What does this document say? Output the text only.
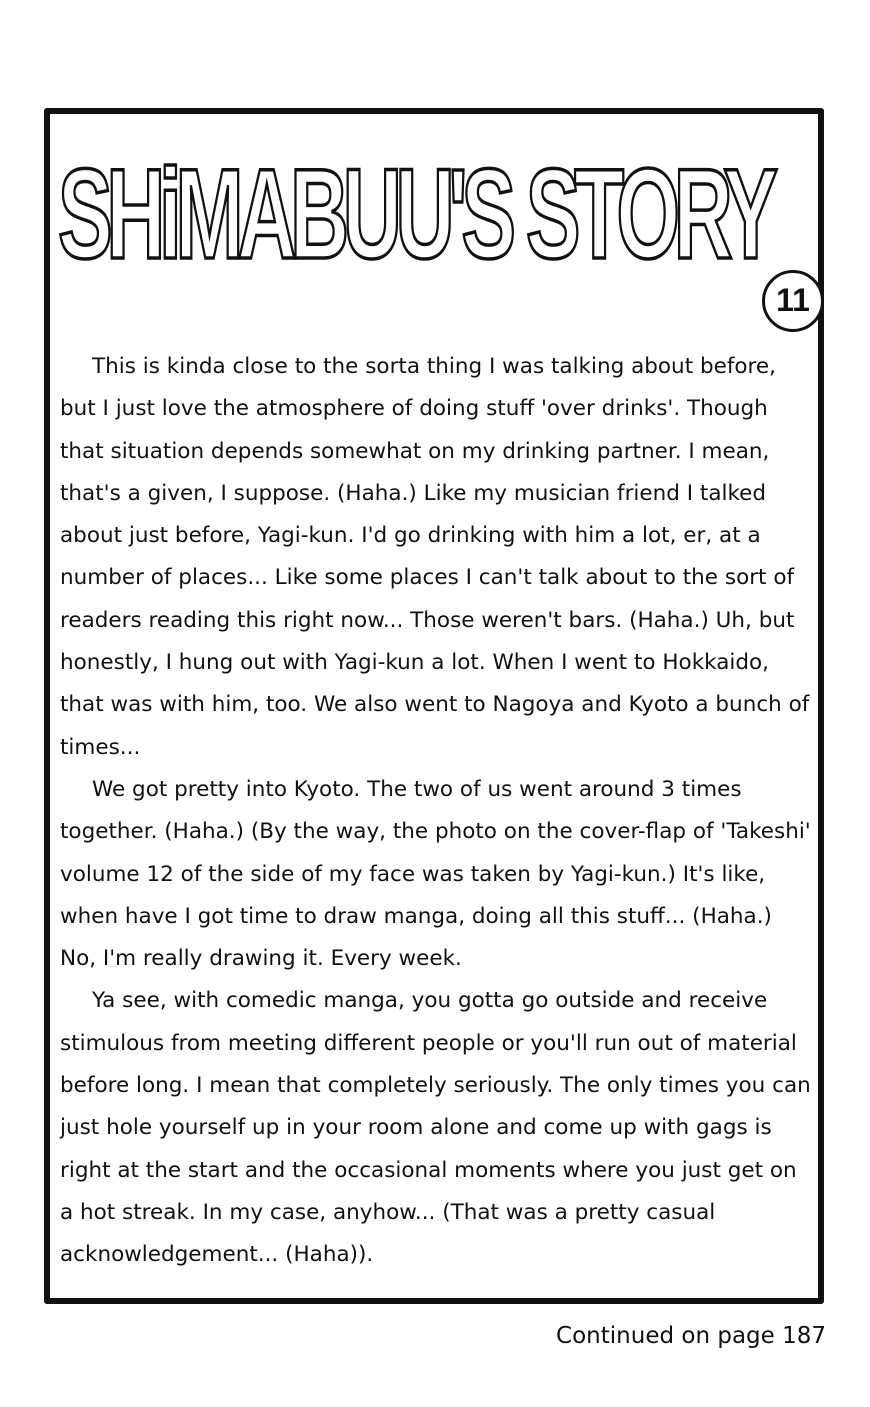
SHiMABUU'S STORY
11

This is kinda close to the sorta thing I was talking about before, but I just love the atmosphere of doing stuff 'over drinks'. Though that situation depends somewhat on my drinking partner. I mean, that's a given, I suppose. (Haha.) Like my musician friend I talked about just before, Yagi-kun. I'd go drinking with him a lot, er, at a number of places... Like some places I can't talk about to the sort of readers reading this right now... Those weren't bars. (Haha.) Uh, but honestly, I hung out with Yagi-kun a lot. When I went to Hokkaido, that was with him, too. We also went to Nagoya and Kyoto a bunch of times...

We got pretty into Kyoto. The two of us went around 3 times together. (Haha.) (By the way, the photo on the cover-flap of 'Takeshi' volume 12 of the side of my face was taken by Yagi-kun.) It's like, when have I got time to draw manga, doing all this stuff... (Haha.) No, I'm really drawing it. Every week.

Ya see, with comedic manga, you gotta go outside and receive stimulous from meeting different people or you'll run out of material before long. I mean that completely seriously. The only times you can just hole yourself up in your room alone and come up with gags is right at the start and the occasional moments where you just get on a hot streak. In my case, anyhow... (That was a pretty casual acknowledgement... (Haha)).

Continued on page 187
